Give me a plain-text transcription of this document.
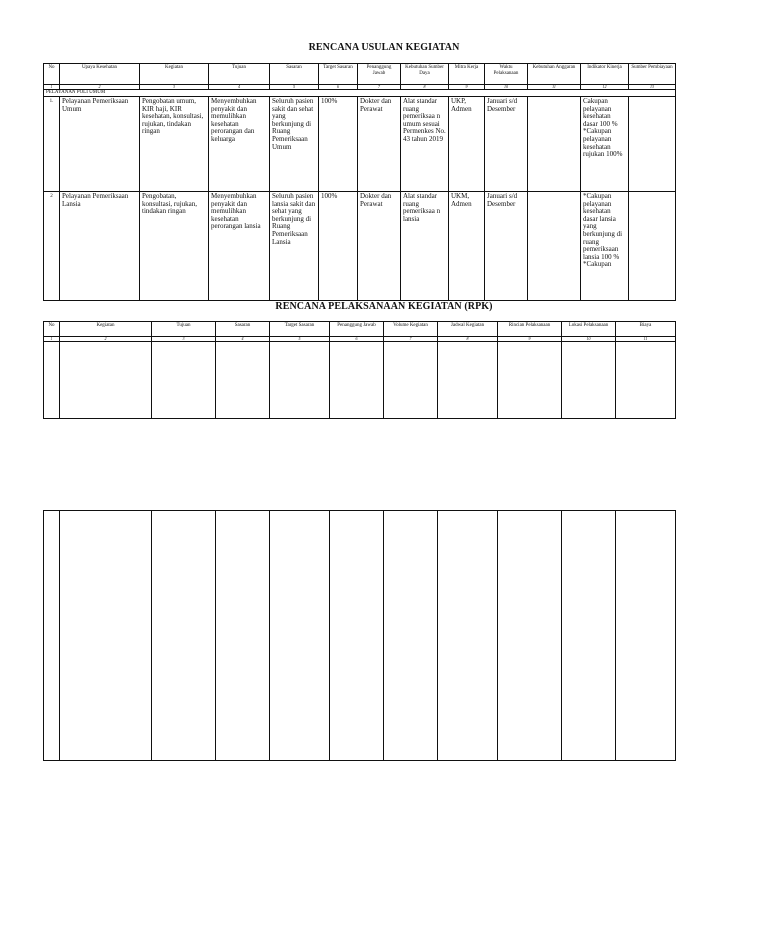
RENCANA USULAN KEGIATAN
No	Upaya Kesehatan	Kegiatan	Tujuan	Sasaran	Target Sasaran	Penanggung Jawab	Kebutuhan Sumber Daya	Mitra Kerja	Waktu Pelaksanaan	Kebutuhan Anggaran	Indikator Kinerja	Sumber Pembiayaan
1	2	3	4	5	6	7	8	9	10	11	12	13
PELAYANAN POLI UMUM												
1.	Pelayanan Pemeriksaan Umum	Pengobatan umum, KIR haji, KIR kesehatan, konsultasi, rujukan, tindakan ringan	Menyembuhkan penyakit dan memulihkan kesehatan perorangan dan keluarga	Seluruh pasien sakit dan sehat yang berkunjung di Ruang Pemeriksaan Umum	100%	Dokter dan Perawat	Alat standar ruang pemeriksaa n umum sesuai Permenkes No. 43 tahun 2019	UKP, Admen	Januari s/d Desember		Cakupan pelayanan kesehatan dasar 100 % *Cakupan pelayanan kesehatan rujukan 100%	
2	Pelayanan Pemeriksaan Lansia	Pengobatan, konsultasi, rujukan, tindakan ringan	Menyembuhkan penyakit dan memulihkan kesehatan perorangan lansia	Seluruh pasien lansia sakit dan sehat yang berkunjung di Ruang Pemeriksaan Lansia	100%	Dokter dan Perawat	Alat standar ruang pemeriksaa n lansia	UKM, Admen	Januari s/d Desember		*Cakupan pelayanan kesehatan dasar lansia yang berkunjung di ruang pemeriksaan lansia 100 % *Cakupan	
RENCANA PELAKSANAAN KEGIATAN (RPK)
No	Kegiatan	Tujuan	Sasaran	Target Sasaran	Penanggung Jawab	Volume Kegiatan	Jadwal Kegiatan	Rincian Pelaksanaan	Lokasi Pelaksanaan	Biaya
1	2	3	4	5	6	7	8	9	10	11
